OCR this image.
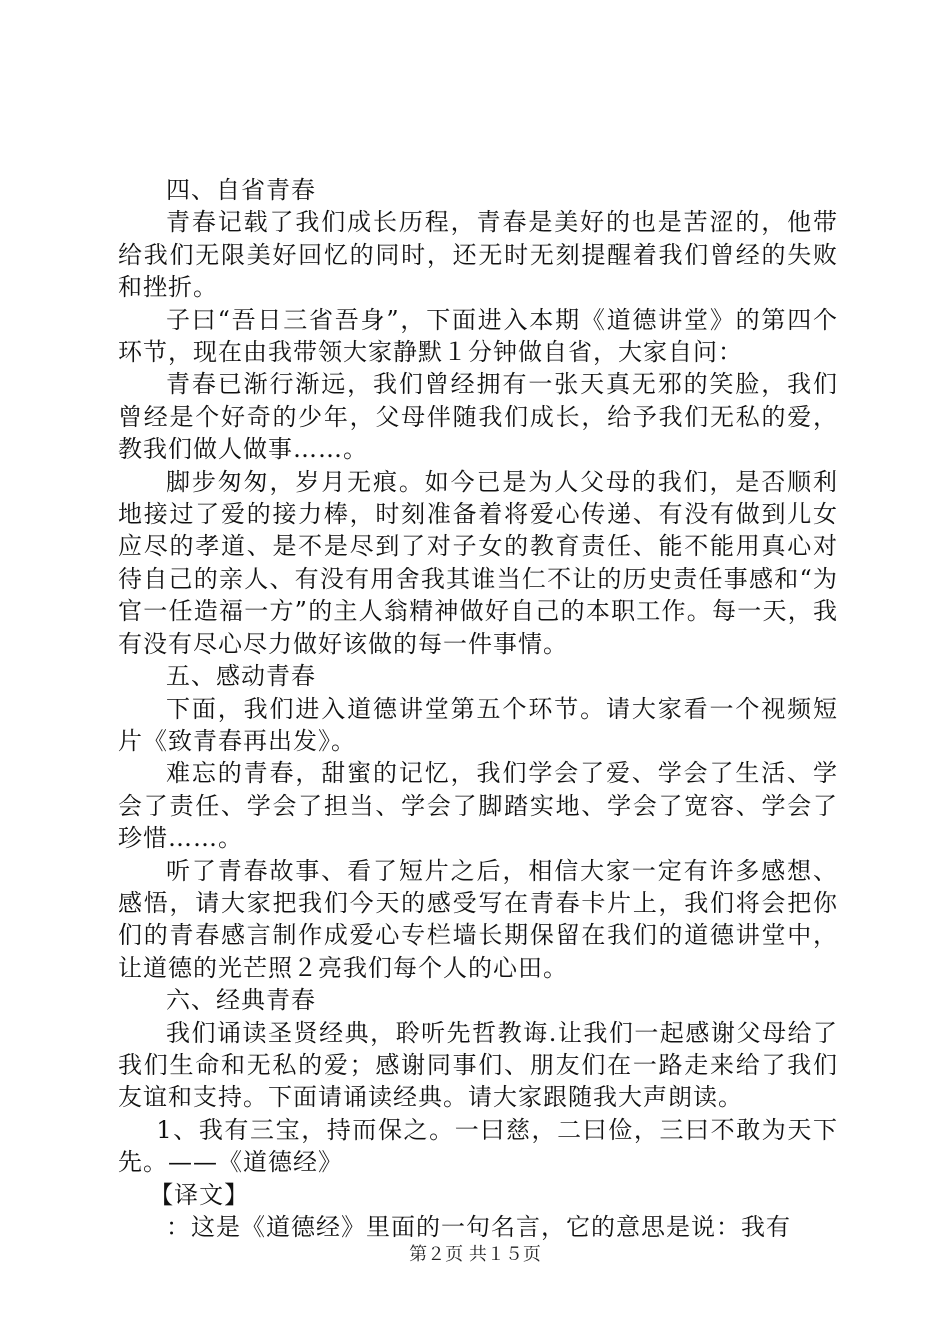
四、自省青春

青春记载了我们成长历程，青春是美好的也是苦涩的，他带给我们无限美好回忆的同时，还无时无刻提醒着我们曾经的失败和挫折。

子曰“吾日三省吾身”，下面进入本期《道德讲堂》的第四个环节，现在由我带领大家静默１分钟做自省，大家自问：

青春已渐行渐远，我们曾经拥有一张天真无邪的笑脸，我们曾经是个好奇的少年，父母伴随我们成长，给予我们无私的爱，教我们做人做事……。

脚步匆匆，岁月无痕。如今已是为人父母的我们，是否顺利地接过了爱的接力棒，时刻准备着将爱心传递、有没有做到儿女应尽的孝道、是不是尽到了对子女的教育责任、能不能用真心对待自己的亲人、有没有用舍我其谁当仁不让的历史责任事感和“为官一任造福一方”的主人翁精神做好自己的本职工作。每一天，我有没有尽心尽力做好该做的每一件事情。

五、感动青春

下面，我们进入道德讲堂第五个环节。请大家看一个视频短片《致青春再出发》。

难忘的青春，甜蜜的记忆，我们学会了爱、学会了生活、学会了责任、学会了担当、学会了脚踏实地、学会了宽容、学会了珍惜……。

听了青春故事、看了短片之后，相信大家一定有许多感想、感悟，请大家把我们今天的感受写在青春卡片上，我们将会把你们的青春感言制作成爱心专栏墙长期保留在我们的道德讲堂中，让道德的光芒照２亮我们每个人的心田。

六、经典青春

我们诵读圣贤经典，聆听先哲教诲.让我们一起感谢父母给了我们生命和无私的爱；感谢同事们、朋友们在一路走来给了我们友谊和支持。下面请诵读经典。请大家跟随我大声朗读。

1、我有三宝，持而保之。一曰慈，二曰俭，三曰不敢为天下先。——《道德经》

【译文】

：这是《道德经》里面的一句名言，它的意思是说：我有

第２页 共１５页
